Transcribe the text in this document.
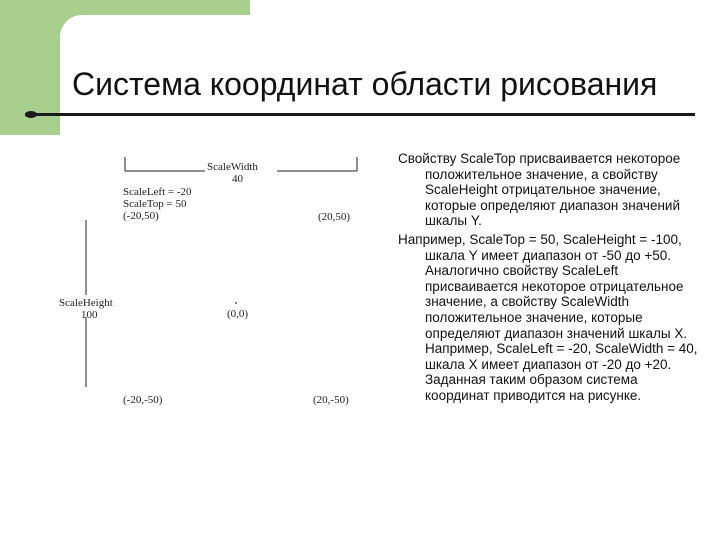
Система координат области рисования
ScaleWidth
40
ScaleLeft = -20
ScaleTop = 50
(-20,50)	(20,50)
ScaleHeight
100	(0,0)
(-20,-50)	(20,-50)

Свойству ScaleTop присваивается некоторое положительное значение, а свойству ScaleHeight отрицательное значение, которые определяют диапазон значений шкалы Y.

Например, ScaleTop = 50, ScaleHeight = -100, шкала Y имеет диапазон от -50 до +50. Аналогично свойству ScaleLeft присваивается некоторое отрицательное значение, а свойству ScaleWidth положительное значение, которые определяют диапазон значений шкалы X. Например, ScaleLeft = -20, ScaleWidth = 40, шкала X имеет диапазон от -20 до +20. Заданная таким образом система координат приводится на рисунке.
